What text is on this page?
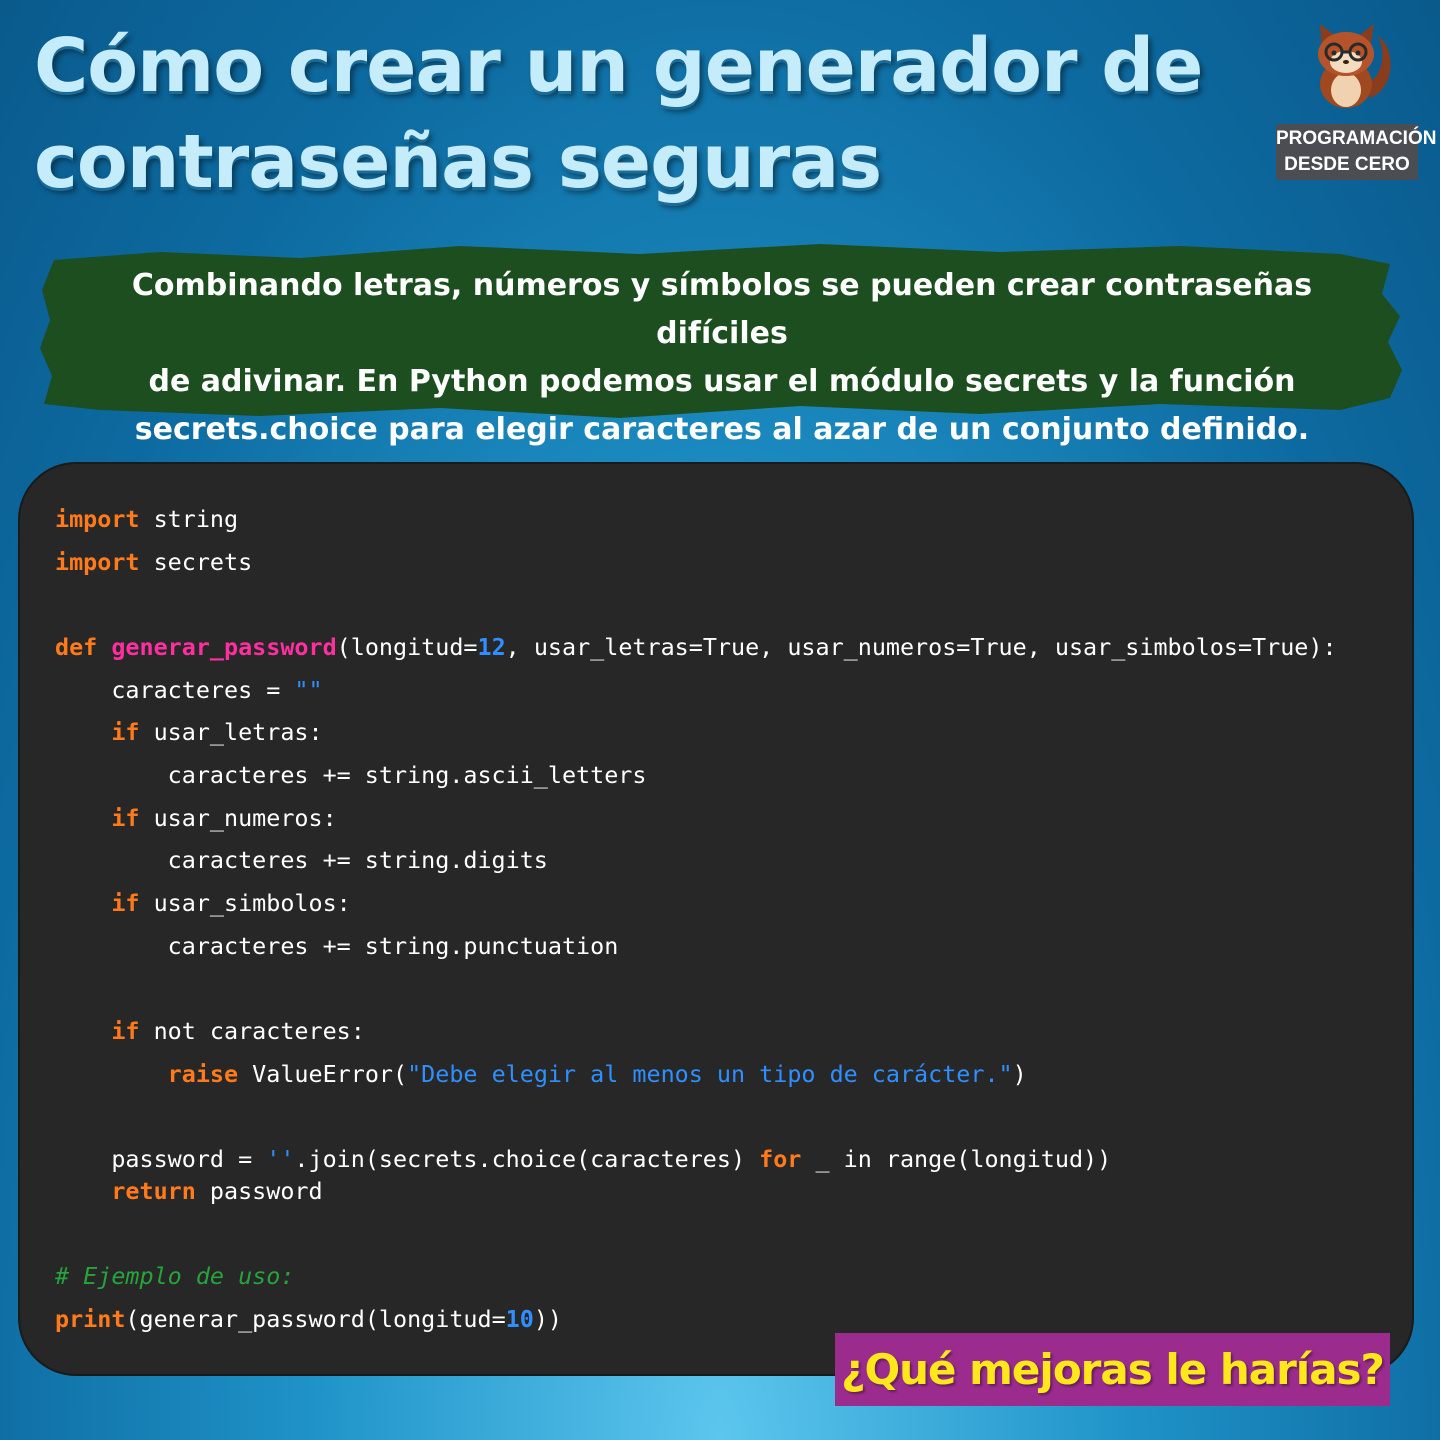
Cómo crear un generador de
contraseñas seguras	PROGRAMACIÓN
DESDE CERO

Combinando letras, números y símbolos se pueden crear contraseñas difíciles
de adivinar. En Python podemos usar el módulo secrets y la función
secrets.choice para elegir caracteres al azar de un conjunto definido.

import string
import secrets
def generar_password(longitud=12, usar_letras=True, usar_numeros=True, usar_simbolos=True):
caracteres = ""
if usar_letras:
caracteres += string.ascii_letters
if usar_numeros:
caracteres += string.digits
if usar_simbolos:
caracteres += string.punctuation
if not caracteres:
raise ValueError("Debe elegir al menos un tipo de carácter.")
password = ''.join(secrets.choice(caracteres) for _ in range(longitud))
return password
# Ejemplo de uso:
print(generar_password(longitud=10))
¿Qué mejoras le harías?
